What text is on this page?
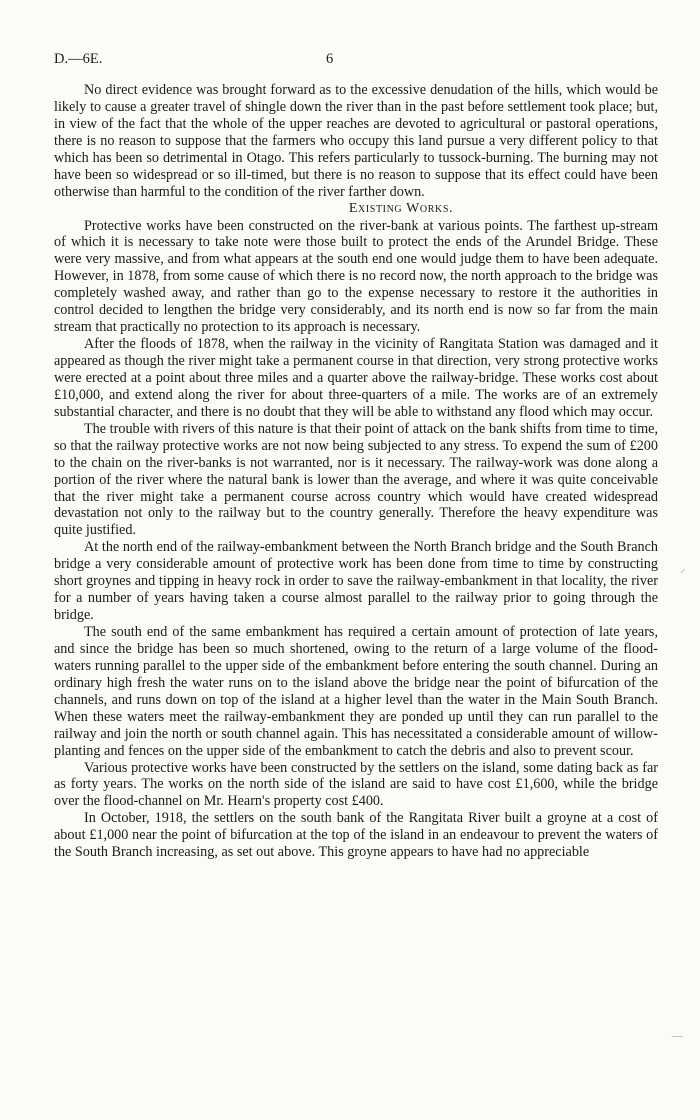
D.—6E.	6

No direct evidence was brought forward as to the excessive denudation of the hills, which would be likely to cause a greater travel of shingle down the river than in the past before settlement took place; but, in view of the fact that the whole of the upper reaches are devoted to agricultural or pastoral operations, there is no reason to suppose that the farmers who occupy this land pursue a very different policy to that which has been so detrimental in Otago. This refers particularly to tussock-burning. The burning may not have been so widespread or so ill-timed, but there is no reason to suppose that its effect could have been otherwise than harmful to the condition of the river farther down.

Existing Works.

Protective works have been constructed on the river-bank at various points. The farthest up-stream of which it is necessary to take note were those built to protect the ends of the Arundel Bridge. These were very massive, and from what appears at the south end one would judge them to have been adequate. However, in 1878, from some cause of which there is no record now, the north approach to the bridge was completely washed away, and rather than go to the expense necessary to restore it the authorities in control decided to lengthen the bridge very considerably, and its north end is now so far from the main stream that practically no protection to its approach is necessary.

After the floods of 1878, when the railway in the vicinity of Rangitata Station was damaged and it appeared as though the river might take a permanent course in that direction, very strong protective works were erected at a point about three miles and a quarter above the railway-bridge. These works cost about £10,000, and extend along the river for about three-quarters of a mile. The works are of an extremely substantial character, and there is no doubt that they will be able to withstand any flood which may occur.

The trouble with rivers of this nature is that their point of attack on the bank shifts from time to time, so that the railway protective works are not now being subjected to any stress. To expend the sum of £200 to the chain on the river-banks is not warranted, nor is it necessary. The railway-work was done along a portion of the river where the natural bank is lower than the average, and where it was quite conceivable that the river might take a permanent course across country which would have created widespread devastation not only to the railway but to the country generally. Therefore the heavy expenditure was quite justified.

At the north end of the railway-embankment between the North Branch bridge and the South Branch bridge a very considerable amount of protective work has been done from time to time by constructing short groynes and tipping in heavy rock in order to save the railway-embankment in that locality, the river for a number of years having taken a course almost parallel to the railway prior to going through the bridge.

The south end of the same embankment has required a certain amount of protection of late years, and since the bridge has been so much shortened, owing to the return of a large volume of the flood-waters running parallel to the upper side of the embankment before entering the south channel. During an ordinary high fresh the water runs on to the island above the bridge near the point of bifurcation of the channels, and runs down on top of the island at a higher level than the water in the Main South Branch. When these waters meet the railway-embankment they are ponded up until they can run parallel to the railway and join the north or south channel again. This has necessitated a considerable amount of willow-planting and fences on the upper side of the embankment to catch the debris and also to prevent scour.

Various protective works have been constructed by the settlers on the island, some dating back as far as forty years. The works on the north side of the island are said to have cost £1,600, while the bridge over the flood-channel on Mr. Hearn's property cost £400.

In October, 1918, the settlers on the south bank of the Rangitata River built a groyne at a cost of about £1,000 near the point of bifurcation at the top of the island in an endeavour to prevent the waters of the South Branch increasing, as set out above. This groyne appears to have had no appreciable

⸍
—
